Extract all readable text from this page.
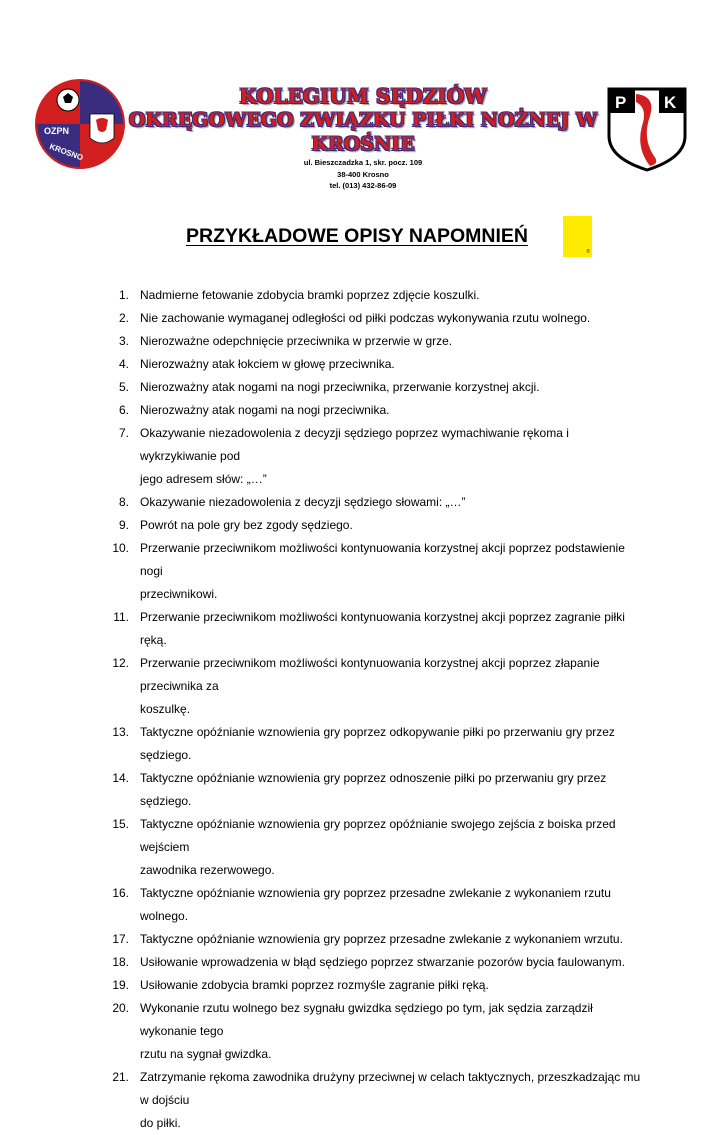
OZPN
KROSNO
KOLEGIUM SĘDZIÓW
OKRĘGOWEGO ZWIĄZKU PIŁKI NOŻNEJ W KROŚNIE
ul. Bieszczadzka 1, skr. pocz. 109
38-400 Krosno
tel. (013) 432-86-09
P K
PRZYKŁADOWE OPISY NAPOMNIEŃ
®
1. Nadmierne fetowanie zdobycia bramki poprzez zdjęcie koszulki.
2. Nie zachowanie wymaganej odległości od piłki podczas wykonywania rzutu wolnego.
3. Nierozważne odepchnięcie przeciwnika w przerwie w grze.
4. Nierozważny atak łokciem w głowę przeciwnika.
5. Nierozważny atak nogami na nogi przeciwnika, przerwanie korzystnej akcji.
6. Nierozważny atak nogami na nogi przeciwnika.
7. Okazywanie niezadowolenia z decyzji sędziego poprzez wymachiwanie rękoma i wykrzykiwanie pod
jego adresem słów: „…”
8. Okazywanie niezadowolenia z decyzji sędziego słowami: „…”
9. Powrót na pole gry bez zgody sędziego.
10. Przerwanie przeciwnikom możliwości kontynuowania korzystnej akcji poprzez podstawienie nogi
przeciwnikowi.
11. Przerwanie przeciwnikom możliwości kontynuowania korzystnej akcji poprzez zagranie piłki ręką.
12. Przerwanie przeciwnikom możliwości kontynuowania korzystnej akcji poprzez złapanie przeciwnika za
koszulkę.
13. Taktyczne opóźnianie wznowienia gry poprzez odkopywanie piłki po przerwaniu gry przez sędziego.
14. Taktyczne opóźnianie wznowienia gry poprzez odnoszenie piłki po przerwaniu gry przez sędziego.
15. Taktyczne opóźnianie wznowienia gry poprzez opóźnianie swojego zejścia z boiska przed wejściem
zawodnika rezerwowego.
16. Taktyczne opóźnianie wznowienia gry poprzez przesadne zwlekanie z wykonaniem rzutu wolnego.
17. Taktyczne opóźnianie wznowienia gry poprzez przesadne zwlekanie z wykonaniem wrzutu.
18. Usiłowanie wprowadzenia w błąd sędziego poprzez stwarzanie pozorów bycia faulowanym.
19. Usiłowanie zdobycia bramki poprzez rozmyśle zagranie piłki ręką.
20. Wykonanie rzutu wolnego bez sygnału gwizdka sędziego po tym, jak sędzia zarządził wykonanie tego
rzutu na sygnał gwizdka.
21. Zatrzymanie rękoma zawodnika drużyny przeciwnej w celach taktycznych, przeszkadzając mu w dojściu
do piłki.
